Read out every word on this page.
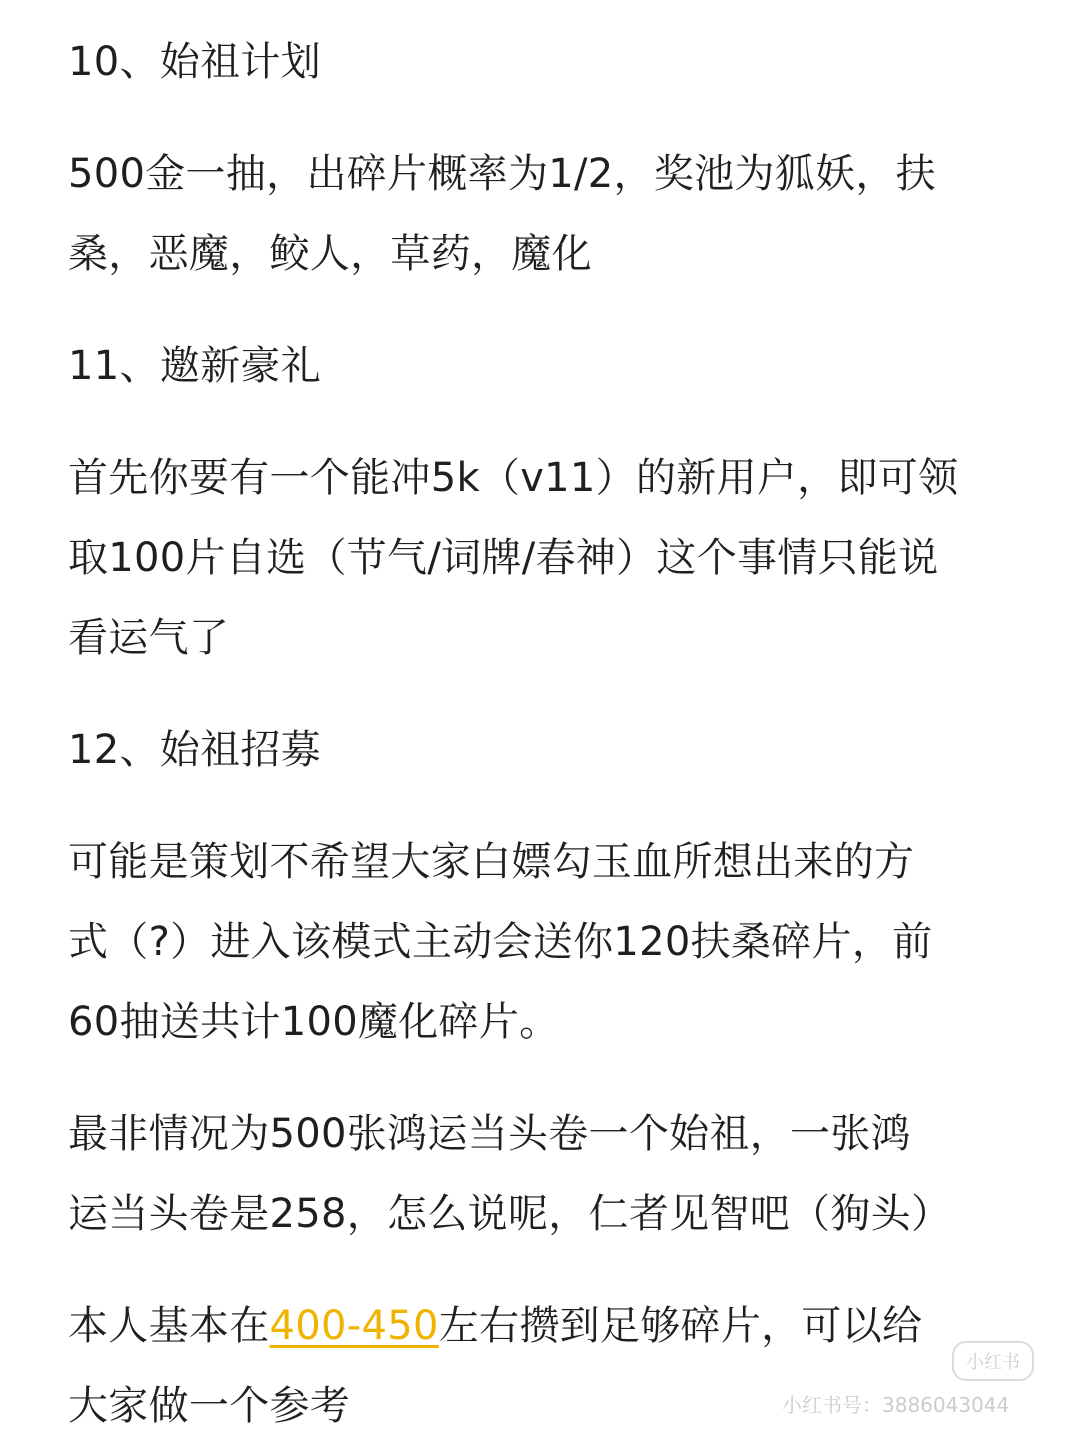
10、始祖计划
500金一抽，出碎片概率为1/2，奖池为狐妖，扶
桑，恶魔，鲛人，草药，魔化
11、邀新豪礼
首先你要有一个能冲5k（v11）的新用户，即可领
取100片自选（节气/词牌/春神）这个事情只能说
看运气了
12、始祖招募
可能是策划不希望大家白嫖勾玉血所想出来的方
式（?）进入该模式主动会送你120扶桑碎片，前
60抽送共计100魔化碎片。
最非情况为500张鸿运当头卷一个始祖，一张鸿
运当头卷是258，怎么说呢，仁者见智吧（狗头）
本人基本在400-450左右攒到足够碎片，可以给
大家做一个参考
小红书
小红书号：3886043044
